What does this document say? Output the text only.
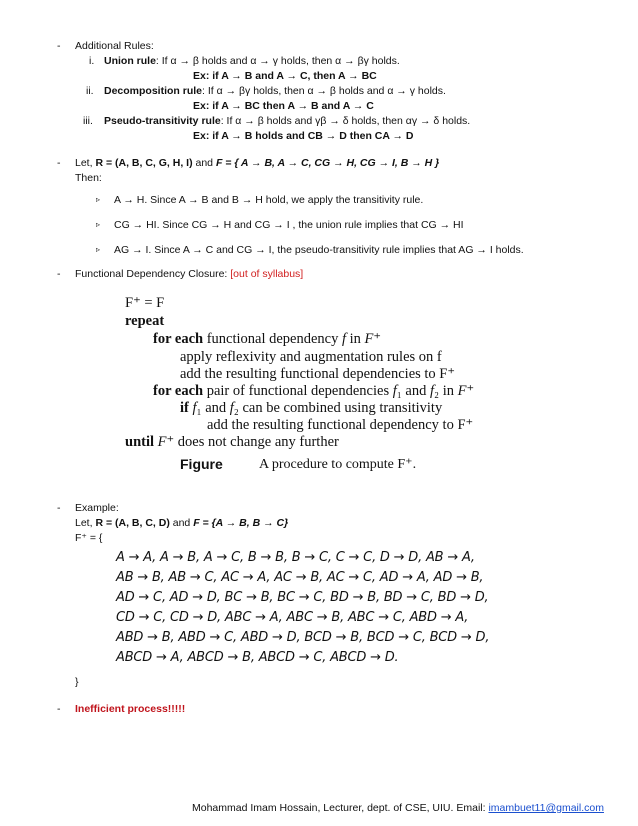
- Additional Rules:
i. Union rule: If α → β holds and α → γ holds, then α → βγ holds.
Ex: if A → B and A → C, then A → BC
ii. Decomposition rule: If α → βγ holds, then α → β holds and α → γ holds.
Ex: if A → BC then A → B and A → C
iii. Pseudo-transitivity rule: If α → β holds and γβ → δ holds, then αγ → δ holds.
Ex: if A → B holds and CB → D then CA → D
- Let, R = (A, B, C, G, H, I) and F = { A → B, A → C, CG → H, CG → I, B → H }
Then:
▹ A → H. Since A → B and B → H hold, we apply the transitivity rule.
▹ CG → HI. Since CG → H and CG → I , the union rule implies that CG → HI
▹ AG → I. Since A → C and CG → I, the pseudo-transitivity rule implies that AG → I holds.
- Functional Dependency Closure: [out of syllabus]
F⁺ = F
repeat
for each functional dependency f in F⁺
apply reflexivity and augmentation rules on f
add the resulting functional dependencies to F⁺
for each pair of functional dependencies f₁ and f₂ in F⁺
if f₁ and f₂ can be combined using transitivity
add the resulting functional dependency to F⁺
until F⁺ does not change any further
Figure	A procedure to compute F⁺.
- Example:
Let, R = (A, B, C, D) and F = {A → B, B → C}
F⁺ = {
A → A, A → B, A → C, B → B, B → C, C → C, D → D, AB → A,
AB → B, AB → C, AC → A, AC → B, AC → C, AD → A, AD → B,
AD → C, AD → D, BC → B, BC → C, BD → B, BD → C, BD → D,
CD → C, CD → D, ABC → A, ABC → B, ABC → C, ABD → A,
ABD → B, ABD → C, ABD → D, BCD → B, BCD → C, BCD → D,
ABCD → A, ABCD → B, ABCD → C, ABCD → D.
}
- Inefficient process!!!!!
Mohammad Imam Hossain, Lecturer, dept. of CSE, UIU. Email: imambuet11@gmail.com
